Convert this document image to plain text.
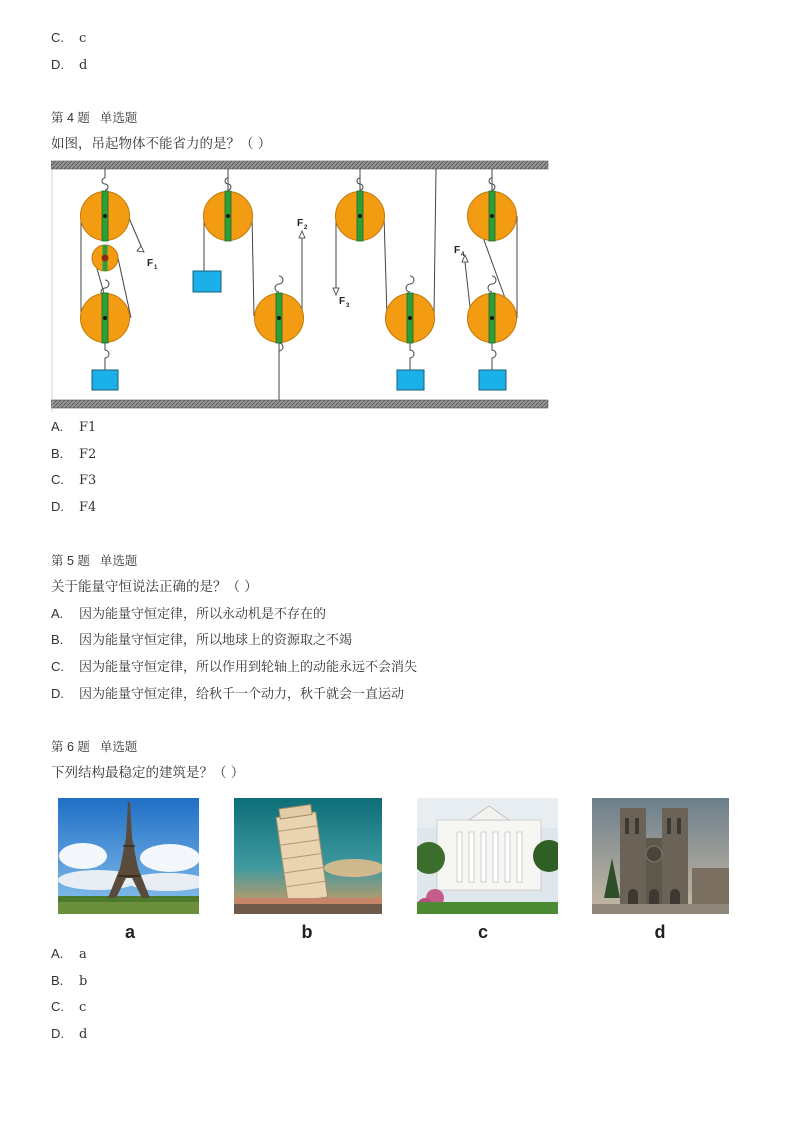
C. c
D. d
第 4 题 单选题
如图，吊起物体不能省力的是？（ ）
F 1
F 2
F 3
F 4
A. F1
B. F2
C. F3
D. F4
第 5 题 单选题
关于能量守恒说法正确的是？（ ）
A. 因为能量守恒定律，所以永动机是不存在的
B. 因为能量守恒定律，所以地球上的资源取之不竭
C. 因为能量守恒定律，所以作用到轮轴上的动能永远不会消失
D. 因为能量守恒定律，给秋千一个动力，秋千就会一直运动
第 6 题 单选题
下列结构最稳定的建筑是？（ ）
a	b	c	d
A. a
B. b
C. c
D. d
